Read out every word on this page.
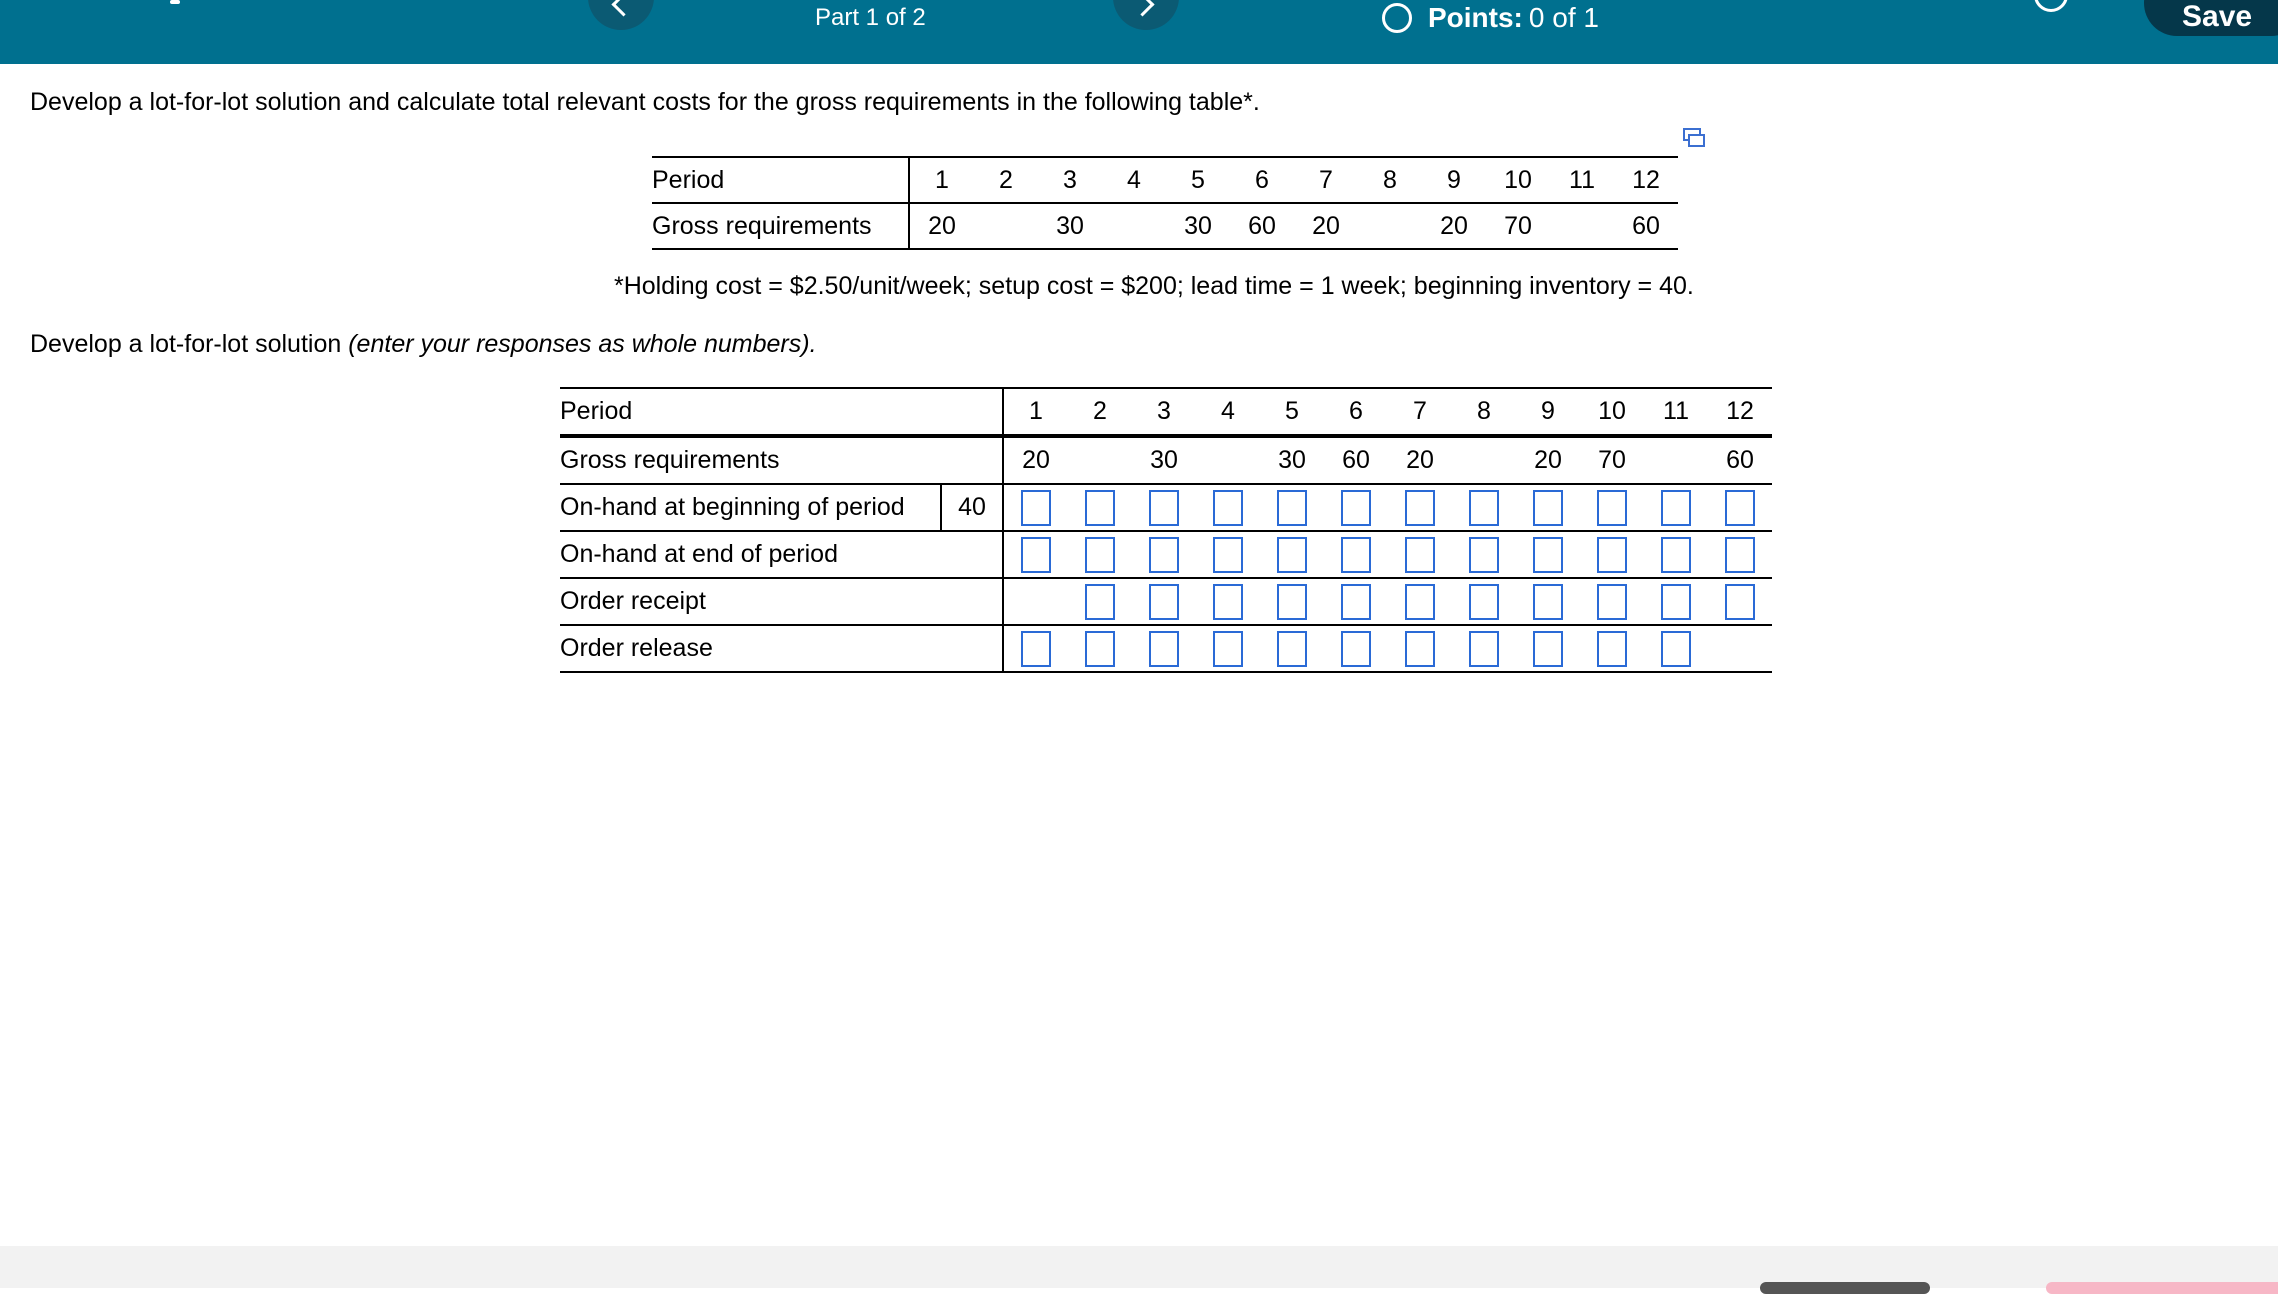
Part 1 of 2	Points: 0 of 1	Save
Develop a lot-for-lot solution and calculate total relevant costs for the gross requirements in the following table*.
Period	1	2	3	4	5	6	7	8	9	10	11	12
Gross requirements	20		30		30	60	20		20	70		60
*Holding cost = $2.50/unit/week; setup cost = $200; lead time = 1 week; beginning inventory = 40.
Develop a lot-for-lot solution (enter your responses as whole numbers).
Period		1	2	3	4	5	6	7	8	9	10	11	12
Gross requirements		20		30		30	60	20		20	70		60
On-hand at beginning of period	40												
On-hand at end of period													
Order receipt													
Order release													
